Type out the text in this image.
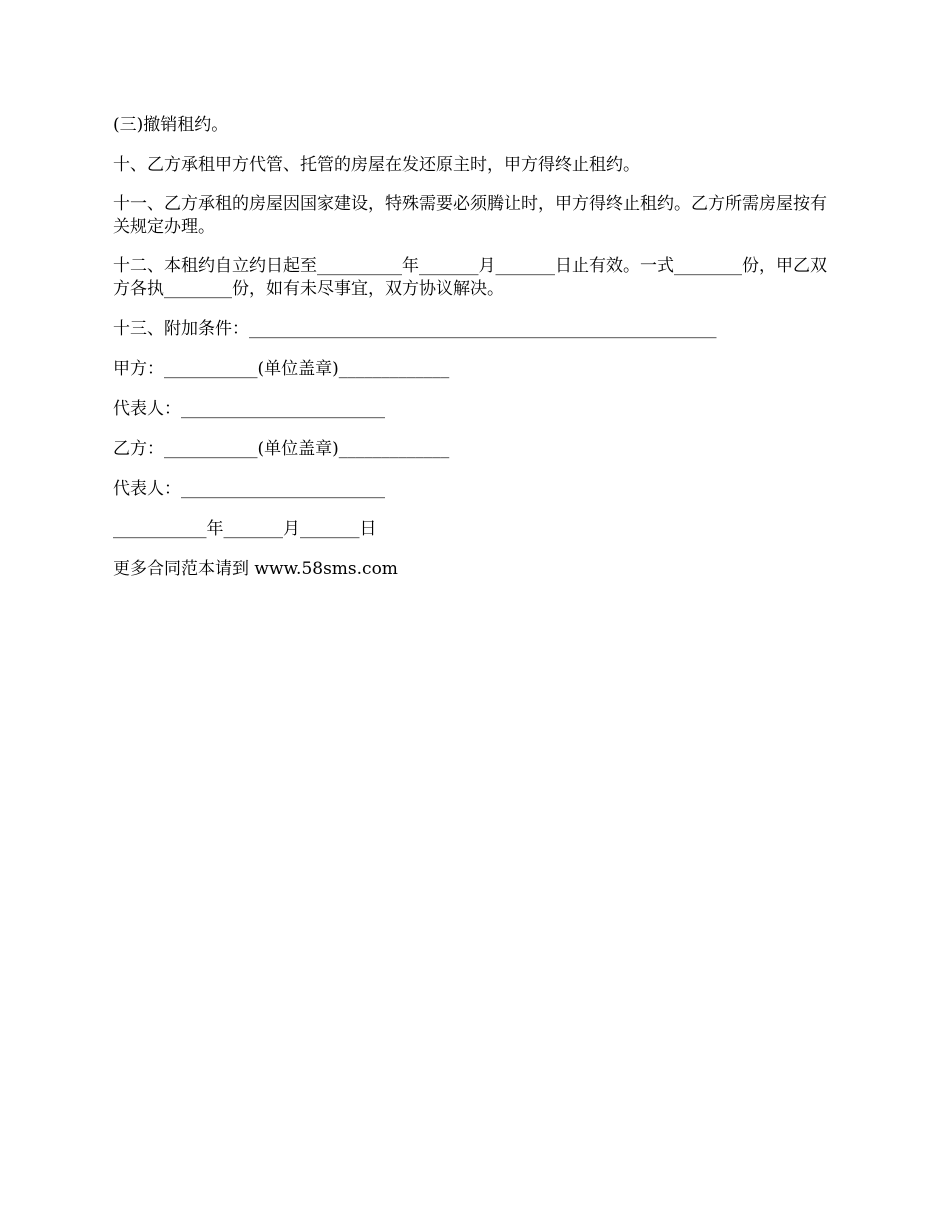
(三)撤销租约。

十、乙方承租甲方代管、托管的房屋在发还原主时，甲方得终止租约。

十一、乙方承租的房屋因国家建设，特殊需要必须腾让时，甲方得终止租约。乙方所需房屋按有关规定办理。

十二、本租约自立约日起至__________年_______月_______日止有效。一式________份，甲乙双方各执________份，如有未尽事宜，双方协议解决。

十三、附加条件：_______________________________________________________

甲方：___________(单位盖章)_____________

代表人：________________________

乙方：___________(单位盖章)_____________

代表人：________________________

___________年_______月_______日

更多合同范本请到 www.58sms.com
